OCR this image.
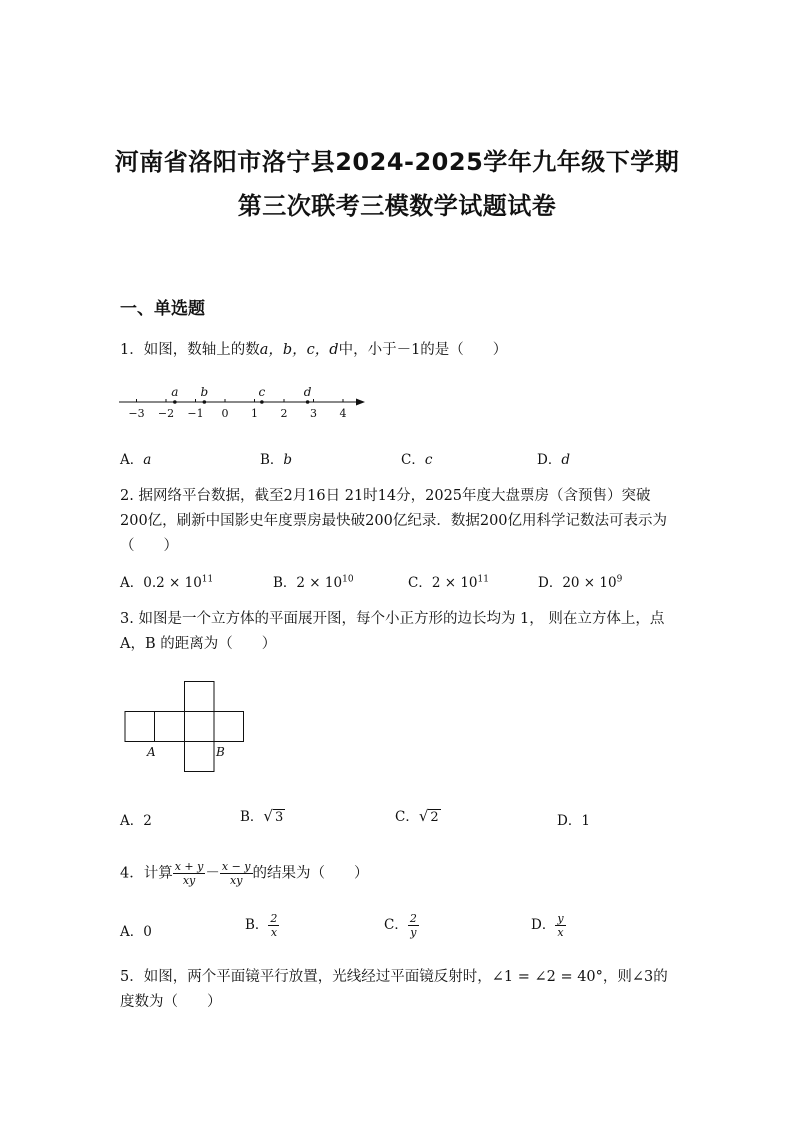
河南省洛阳市洛宁县2024-2025学年九年级下学期
第三次联考三模数学试题试卷
一、单选题
1．如图，数轴上的数a，b，c，d中，小于－1的是（　　）
−3 −2 −1 0 1 2 3 4
a b	c	d
A．a	B．b	C．c	D．d
2. 据网络平台数据，截至2月16日 21时14分，2025年度大盘票房（含预售）突破200亿，刷新中国影史年度票房最快破200亿纪录．数据200亿用科学记数法可表示为（　　）
A．$0.2 \times 10^{11}$	B．$2 \times 10^{10}$	C．$2 \times 10^{11}$	D．$20 \times 10^9$
3. 如图是一个立方体的平面展开图，每个小正方形的边长均为 1， 则在立方体上，点 A，B 的距离为（　　）
A	B
A．2	B．√ 3	C．√ 2	D．1
4．计算 $\frac{x + y}{xy} - \frac{x - y}{xy}$ 的结果为（　　）
A．0	B． $\frac{2}{x}$	C． $\frac{2}{y}$	D． $\frac{y}{x}$
5．如图，两个平面镜平行放置，光线经过平面镜反射时，∠1 = ∠2 = 40°，则∠3的度数为（　　）
